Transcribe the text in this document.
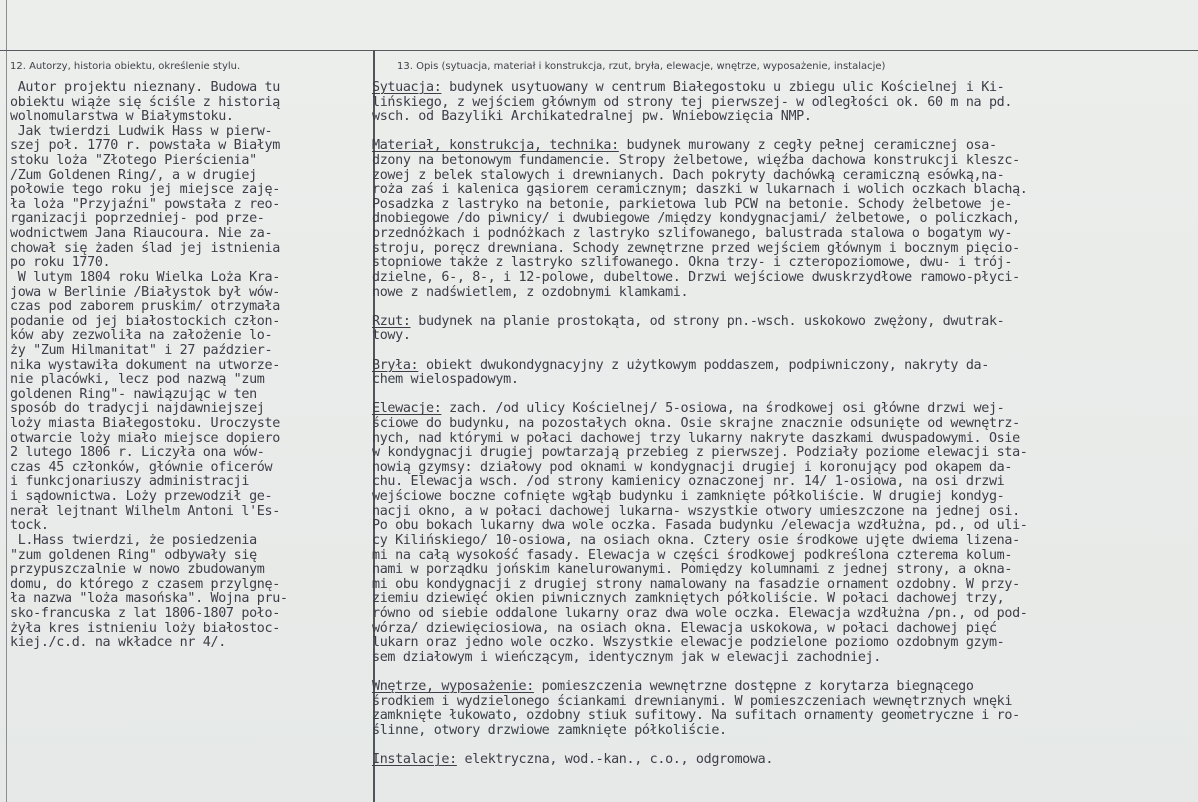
12. Autorzy, historia obiektu, określenie stylu.	13. Opis (sytuacja, materiał i konstrukcja, rzut, bryła, elewacje, wnętrze, wyposażenie, instalacje)
Autor projektu nieznany. Budowa tu
obiektu wiąże się ściśle z historią
wolnomularstwa w Białymstoku.
Jak twierdzi Ludwik Hass w pierw-
szej poł. 1770 r. powstała w Białym
stoku loża "Złotego Pierścienia"
/Zum Goldenen Ring/, a w drugiej
połowie tego roku jej miejsce zaję-
ła loża "Przyjaźni" powstała z reo-
rganizacji poprzedniej- pod prze-
wodnictwem Jana Riaucoura. Nie za-
chował się żaden ślad jej istnienia
po roku 1770.
W lutym 1804 roku Wielka Loża Kra-
jowa w Berlinie /Białystok był wów-
czas pod zaborem pruskim/ otrzymała
podanie od jej białostockich człon-
ków aby zezwoliła na założenie lo-
ży "Zum Hilmanitat" i 27 paździer-
nika wystawiła dokument na utworze-
nie placówki, lecz pod nazwą "zum
goldenen Ring"- nawiązując w ten
sposób do tradycji najdawniejszej
loży miasta Białegostoku. Uroczyste
otwarcie loży miało miejsce dopiero
2 lutego 1806 r. Liczyła ona wów-
czas 45 członków, głównie oficerów
i funkcjonariuszy administracji
i sądownictwa. Loży przewodził ge-
nerał lejtnant Wilhelm Antoni l'Es-
tock.
L.Hass twierdzi, że posiedzenia
"zum goldenen Ring" odbywały się
przypuszczalnie w nowo zbudowanym
domu, do którego z czasem przylgnę-
ła nazwa "loża masońska". Wojna pru-
sko-francuska z lat 1806-1807 poło-
żyła kres istnieniu loży białostoc-
kiej./c.d. na wkładce nr 4/.
Sytuacja: budynek usytuowany w centrum Białegostoku u zbiegu ulic Kościelnej i Ki-
lińskiego, z wejściem głównym od strony tej pierwszej- w odległości ok. 60 m na pd.
wsch. od Bazyliki Archikatedralnej pw. Wniebowzięcia NMP.

Materiał, konstrukcja, technika: budynek murowany z cegły pełnej ceramicznej osa-
dzony na betonowym fundamencie. Stropy żelbetowe, więźba dachowa konstrukcji kleszc-
zowej z belek stalowych i drewnianych. Dach pokryty dachówką ceramiczną esówką,na-
roża zaś i kalenica gąsiorem ceramicznym; daszki w lukarnach i wolich oczkach blachą.
Posadzka z lastryko na betonie, parkietowa lub PCW na betonie. Schody żelbetowe je-
dnobiegowe /do piwnicy/ i dwubiegowe /między kondygnacjami/ żelbetowe, o policzkach,
przednóżkach i podnóżkach z lastryko szlifowanego, balustrada stalowa o bogatym wy-
stroju, poręcz drewniana. Schody zewnętrzne przed wejściem głównym i bocznym pięcio-
stopniowe także z lastryko szlifowanego. Okna trzy- i czteropoziomowe, dwu- i trój-
dzielne, 6-, 8-, i 12-polowe, dubeltowe. Drzwi wejściowe dwuskrzydłowe ramowo-płyci-
nowe z nadświetlem, z ozdobnymi klamkami.

Rzut: budynek na planie prostokąta, od strony pn.-wsch. uskokowo zwężony, dwutrak-
towy.

Bryła: obiekt dwukondygnacyjny z użytkowym poddaszem, podpiwniczony, nakryty da-
chem wielospadowym.

Elewacje: zach. /od ulicy Kościelnej/ 5-osiowa, na środkowej osi główne drzwi wej-
ściowe do budynku, na pozostałych okna. Osie skrajne znacznie odsunięte od wewnętrz-
nych, nad którymi w połaci dachowej trzy lukarny nakryte daszkami dwuspadowymi. Osie
w kondygnacji drugiej powtarzają przebieg z pierwszej. Podziały poziome elewacji sta-
nowią gzymsy: działowy pod oknami w kondygnacji drugiej i koronujący pod okapem da-
chu. Elewacja wsch. /od strony kamienicy oznaczonej nr. 14/ 1-osiowa, na osi drzwi
wejściowe boczne cofnięte wgłąb budynku i zamknięte półkoliście. W drugiej kondyg-
nacji okno, a w połaci dachowej lukarna- wszystkie otwory umieszczone na jednej osi.
Po obu bokach lukarny dwa wole oczka. Fasada budynku /elewacja wzdłużna, pd., od uli-
cy Kilińskiego/ 10-osiowa, na osiach okna. Cztery osie środkowe ujęte dwiema lizena-
mi na całą wysokość fasady. Elewacja w części środkowej podkreślona czterema kolum-
nami w porządku jońskim kanelurowanymi. Pomiędzy kolumnami z jednej strony, a okna-
mi obu kondygnacji z drugiej strony namalowany na fasadzie ornament ozdobny. W przy-
ziemiu dziewięć okien piwnicznych zamkniętych półkoliście. W połaci dachowej trzy,
równo od siebie oddalone lukarny oraz dwa wole oczka. Elewacja wzdłużna /pn., od pod-
wórza/ dziewięciosiowa, na osiach okna. Elewacja uskokowa, w połaci dachowej pięć
lukarn oraz jedno wole oczko. Wszystkie elewacje podzielone poziomo ozdobnym gzym-
sem działowym i wieńczącym, identycznym jak w elewacji zachodniej.

Wnętrze, wyposażenie: pomieszczenia wewnętrzne dostępne z korytarza biegnącego
środkiem i wydzielonego ściankami drewnianymi. W pomieszczeniach wewnętrznych wnęki
zamknięte łukowato, ozdobny stiuk sufitowy. Na sufitach ornamenty geometryczne i ro-
ślinne, otwory drzwiowe zamknięte półkoliście.

Instalacje: elektryczna, wod.-kan., c.o., odgromowa.
